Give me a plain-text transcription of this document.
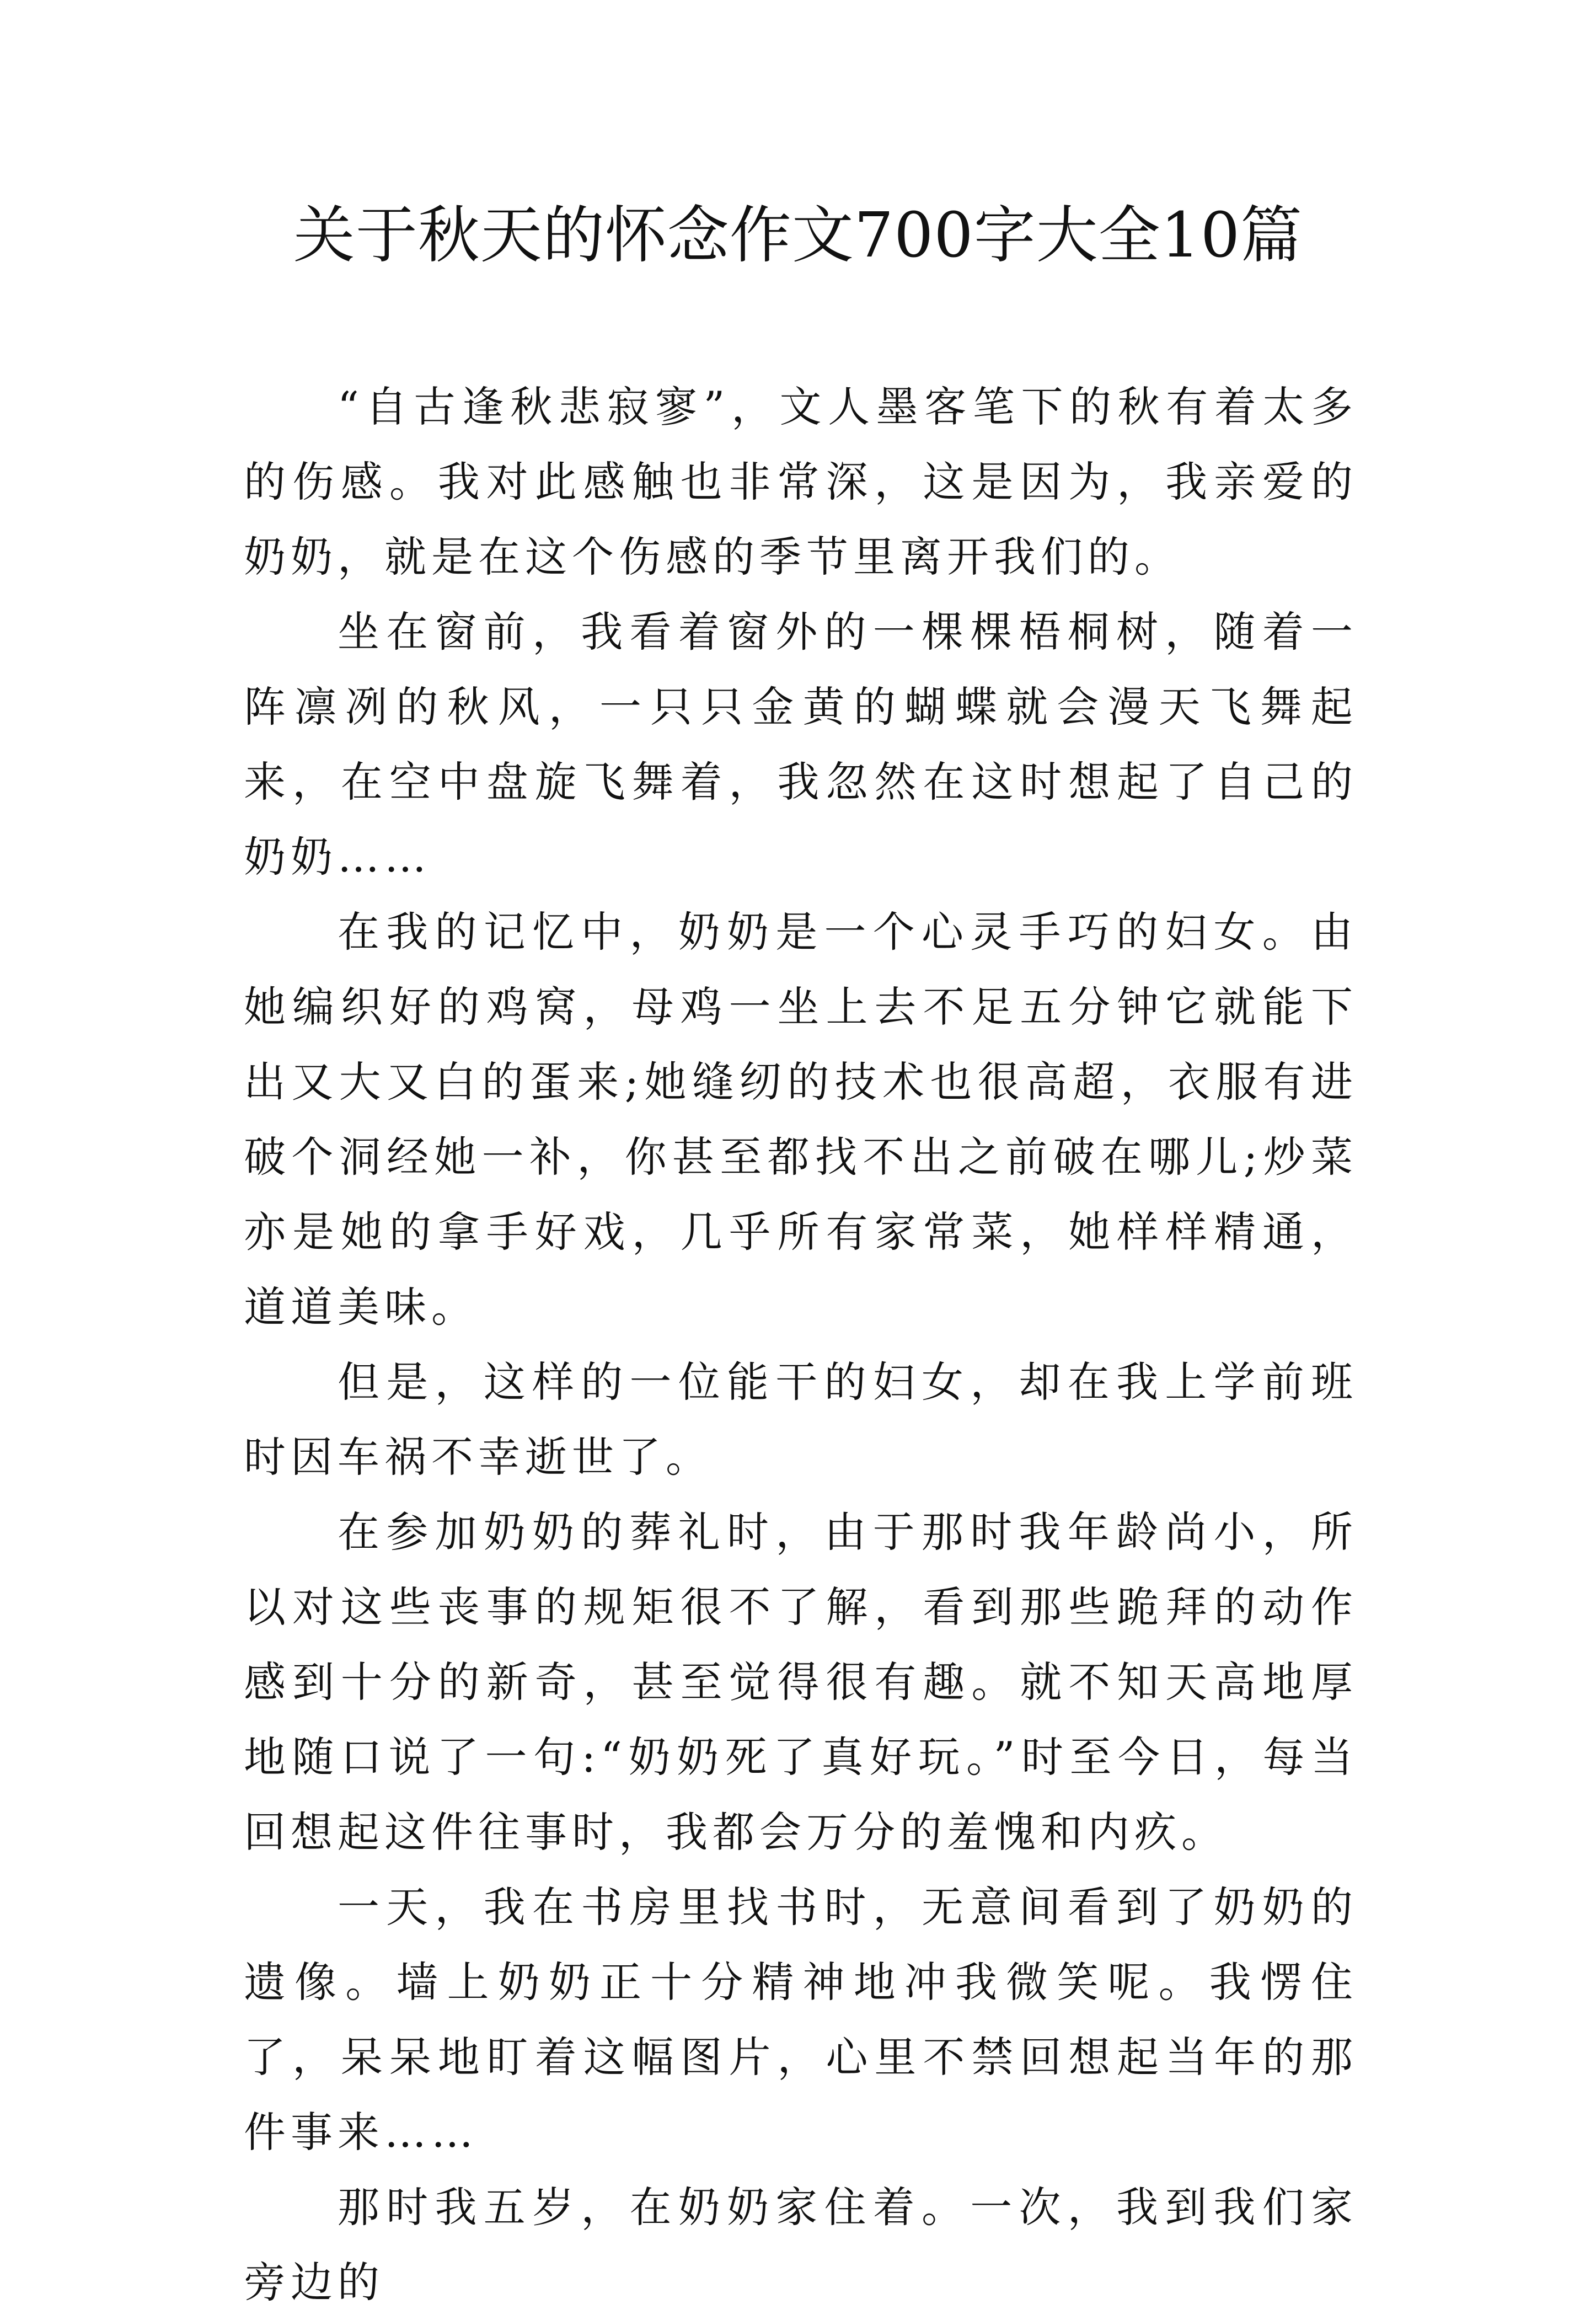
关于秋天的怀念作文700字大全10篇

“自古逢秋悲寂寥”，文人墨客笔下的秋有着太多的伤感。我对此感触也非常深，这是因为，我亲爱的奶奶，就是在这个伤感的季节里离开我们的。

坐在窗前，我看着窗外的一棵棵梧桐树，随着一阵凛冽的秋风，一只只金黄的蝴蝶就会漫天飞舞起来，在空中盘旋飞舞着，我忽然在这时想起了自己的奶奶……

在我的记忆中，奶奶是一个心灵手巧的妇女。由她编织好的鸡窝，母鸡一坐上去不足五分钟它就能下出又大又白的蛋来;她缝纫的技术也很高超，衣服有进破个洞经她一补，你甚至都找不出之前破在哪儿;炒菜亦是她的拿手好戏，几乎所有家常菜，她样样精通，道道美味。

但是，这样的一位能干的妇女，却在我上学前班时因车祸不幸逝世了。

在参加奶奶的葬礼时，由于那时我年龄尚小，所以对这些丧事的规矩很不了解，看到那些跪拜的动作感到十分的新奇，甚至觉得很有趣。就不知天高地厚地随口说了一句:“奶奶死了真好玩。”时至今日，每当回想起这件往事时，我都会万分的羞愧和内疚。

一天，我在书房里找书时，无意间看到了奶奶的遗像。墙上奶奶正十分精神地冲我微笑呢。我愣住了，呆呆地盯着这幅图片，心里不禁回想起当年的那件事来……

那时我五岁，在奶奶家住着。一次，我到我们家旁边的
